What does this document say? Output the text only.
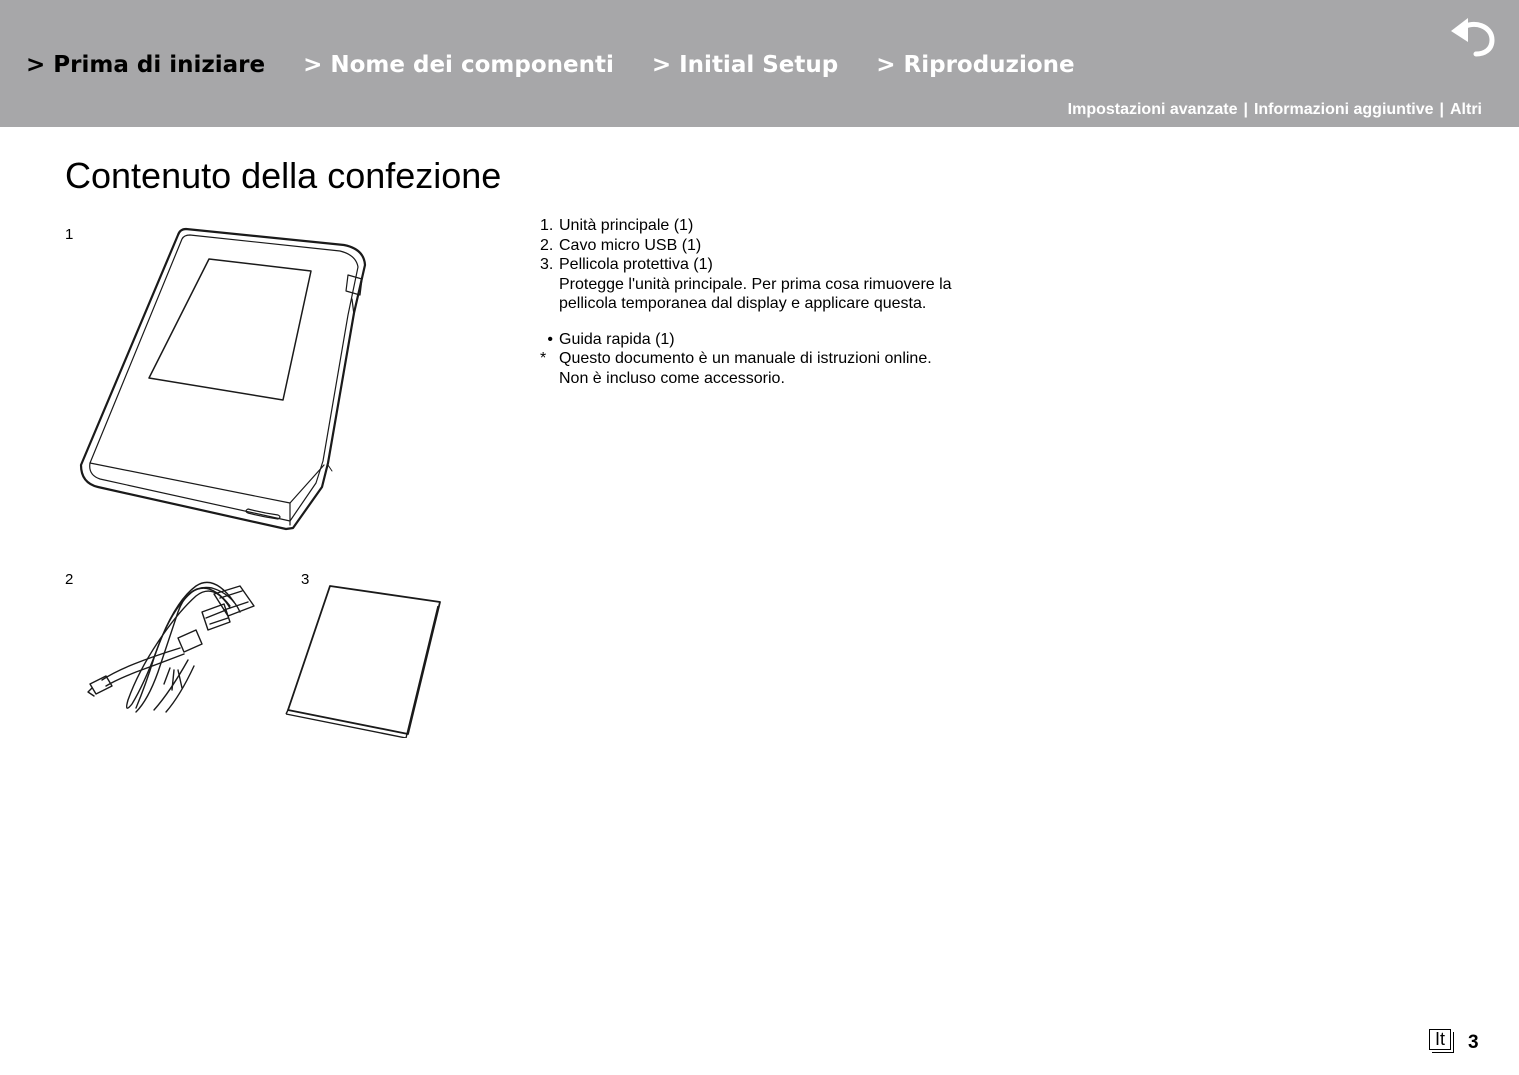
> Prima di iniziare > Nome dei componenti > Initial Setup > Riproduzione
Impostazioni avanzate | Informazioni aggiuntive | Altri
Contenuto della confezione
1
2	3
1. Unità principale (1)
2. Cavo micro USB (1)
3. Pellicola protettiva (1)
Protegge l'unità principale. Per prima cosa rimuovere la
pellicola temporanea dal display e applicare questa.
• Guida rapida (1)
* Questo documento è un manuale di istruzioni online.
Non è incluso come accessorio.
It	3
